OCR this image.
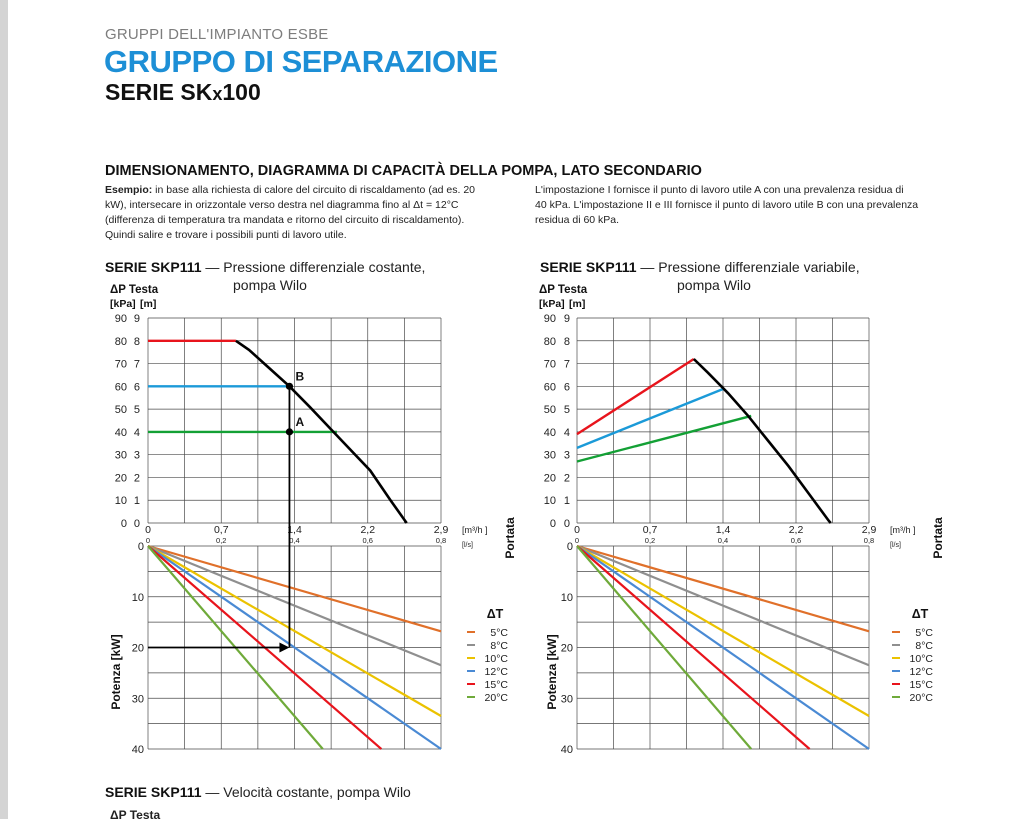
GRUPPI DELL'IMPIANTO ESBE
GRUPPO DI SEPARAZIONE
SERIE SKx100
DIMENSIONAMENTO, DIAGRAMMA DI CAPACITÀ DELLA POMPA, LATO SECONDARIO
Esempio: in base alla richiesta di calore del circuito di riscaldamento (ad es. 20
kW), intersecare in orizzontale verso destra nel diagramma fino al Δt = 12°C
(differenza di temperatura tra mandata e ritorno del circuito di riscaldamento).
Quindi salire e trovare i possibili punti di lavoro utile.
L'impostazione I fornisce il punto di lavoro utile A con una prevalenza residua di
40 kPa. L'impostazione II e III fornisce il punto di lavoro utile B con una prevalenza
residua di 60 kPa.
SERIE SKP111 — Pressione differenziale costante,
pompa Wilo
SERIE SKP111 — Pressione differenziale variabile,
pompa Wilo
90 9
80 8
70 7
60 6
50 5
40 4
30 3
20 2
10 1
0 0
0
10
20
30
40
ΔP Testa
[kPa] [m]
0	0,7	1,4	2,2	2,9
0	0,2	0,4	0,6	0,8
[m³/h ]
[l/s]	Portata
Potenza [kW]
5°C
8°C
10°C
12°C
15°C
20°C
ΔT
B
A
90 9
80 8
70 7
60 6
50 5
40 4
30 3
20 2
10 1
0 0
0
10
20
30
40
ΔP Testa
[kPa] [m]
0	0,7	1,4	2,2	2,9
0	0,2	0,4	0,6	0,8
[m³/h ]
[l/s]	Portata
Potenza [kW]
5°C
8°C
10°C
12°C
15°C
20°C
ΔT
SERIE SKP111 — Velocità costante, pompa Wilo
ΔP Testa
